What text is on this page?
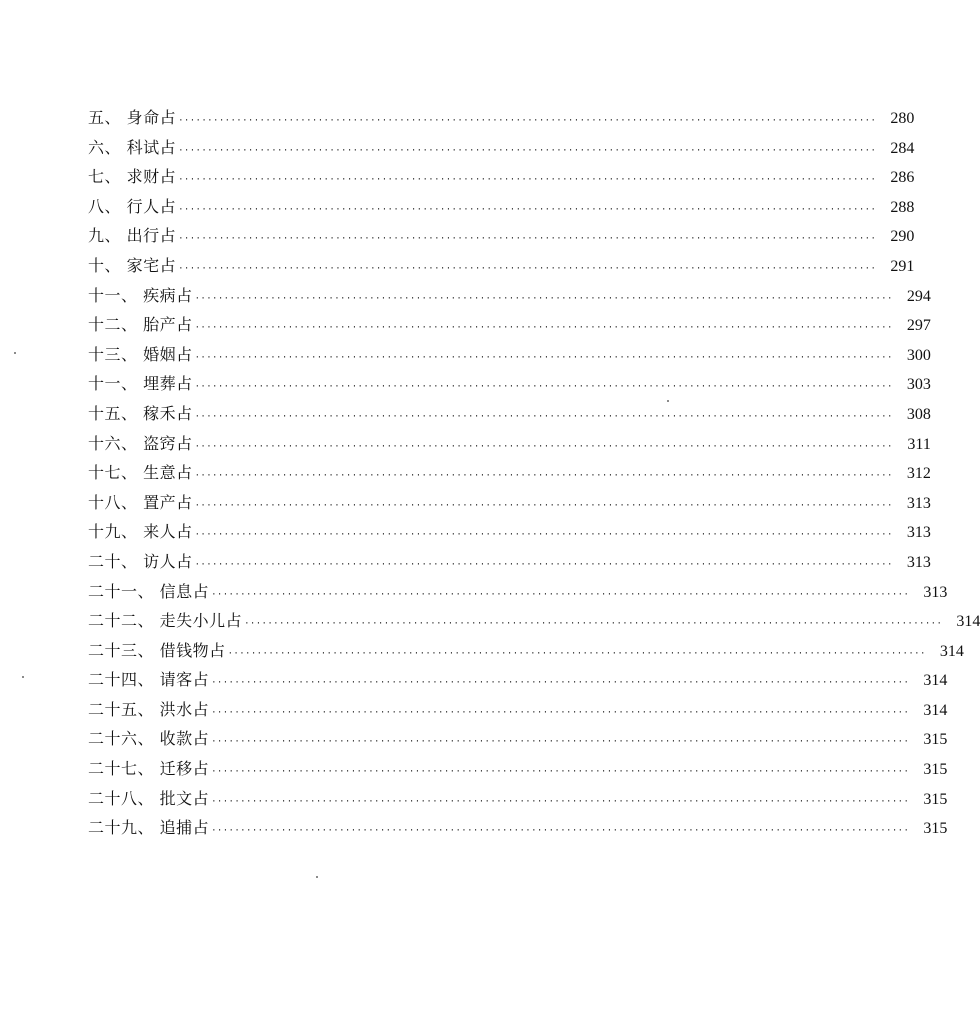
五、 身命占 ························································································································ 280
六、 科试占 ························································································································ 284
七、 求财占 ························································································································ 286
八、 行人占 ························································································································ 288
九、 出行占 ························································································································ 290
十、 家宅占 ························································································································ 291
十一、 疾病占 ························································································································ 294
十二、 胎产占 ························································································································ 297
十三、 婚姻占 ························································································································ 300
十一、 埋葬占 ························································································································ 303
十五、 稼禾占 ························································································································ 308
十六、 盗窍占 ························································································································ 311
十七、 生意占 ························································································································ 312
十八、 置产占 ························································································································ 313
十九、 来人占 ························································································································ 313
二十、 访人占 ························································································································ 313
二十一、 信息占 ························································································································ 313
二十二、 走失小儿占 ························································································································ 314
二十三、 借钱物占 ························································································································ 314
二十四、 请客占 ························································································································ 314
二十五、 洪水占 ························································································································ 314
二十六、 收款占 ························································································································ 315
二十七、 迁移占 ························································································································ 315
二十八、 批文占 ························································································································ 315
二十九、 追捕占 ························································································································ 315
